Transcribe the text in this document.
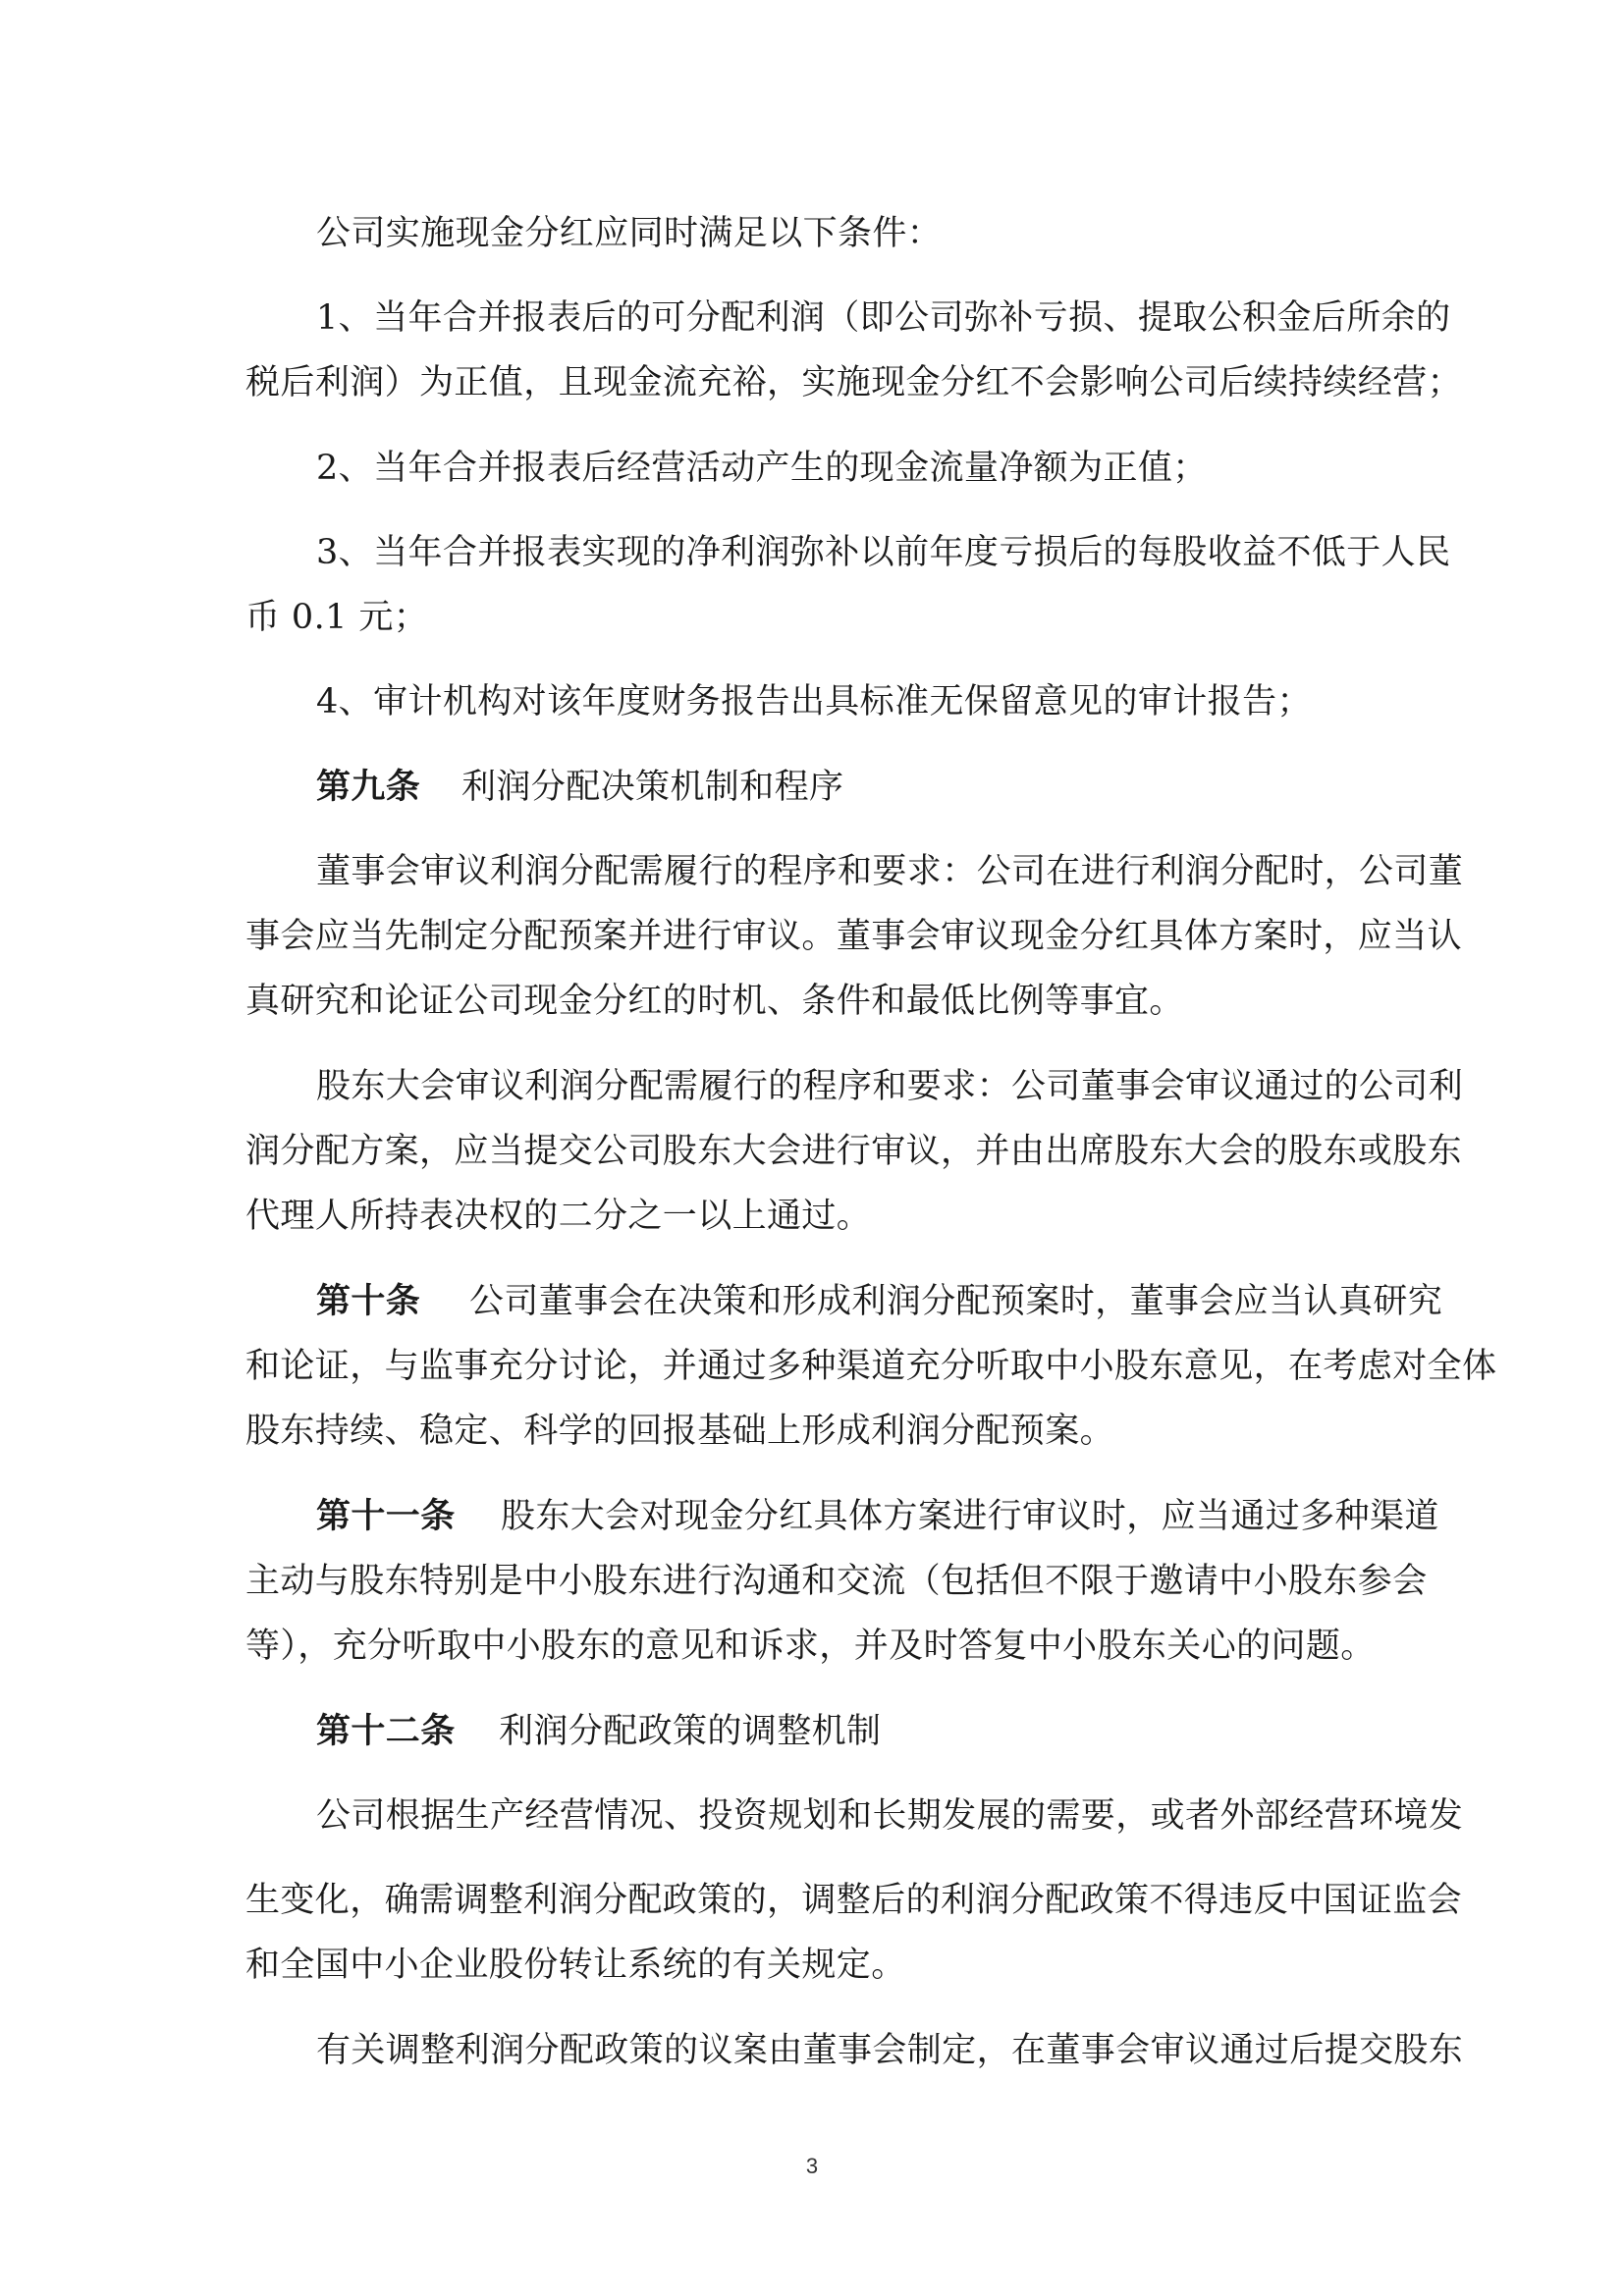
公司实施现金分红应同时满足以下条件：
1、当年合并报表后的可分配利润（即公司弥补亏损、提取公积金后所余的
税后利润）为正值，且现金流充裕，实施现金分红不会影响公司后续持续经营；
2、当年合并报表后经营活动产生的现金流量净额为正值；
3、当年合并报表实现的净利润弥补以前年度亏损后的每股收益不低于人民
币 0.1 元；
4、审计机构对该年度财务报告出具标准无保留意见的审计报告；
第九条 利润分配决策机制和程序
董事会审议利润分配需履行的程序和要求：公司在进行利润分配时，公司董
事会应当先制定分配预案并进行审议。董事会审议现金分红具体方案时，应当认
真研究和论证公司现金分红的时机、条件和最低比例等事宜。
股东大会审议利润分配需履行的程序和要求：公司董事会审议通过的公司利
润分配方案，应当提交公司股东大会进行审议，并由出席股东大会的股东或股东
代理人所持表决权的二分之一以上通过。
第十条 公司董事会在决策和形成利润分配预案时，董事会应当认真研究
和论证，与监事充分讨论，并通过多种渠道充分听取中小股东意见，在考虑对全体
股东持续、稳定、科学的回报基础上形成利润分配预案。
第十一条 股东大会对现金分红具体方案进行审议时，应当通过多种渠道
主动与股东特别是中小股东进行沟通和交流（包括但不限于邀请中小股东参会
等），充分听取中小股东的意见和诉求，并及时答复中小股东关心的问题。
第十二条 利润分配政策的调整机制
公司根据生产经营情况、投资规划和长期发展的需要，或者外部经营环境发
生变化，确需调整利润分配政策的，调整后的利润分配政策不得违反中国证监会
和全国中小企业股份转让系统的有关规定。
有关调整利润分配政策的议案由董事会制定，在董事会审议通过后提交股东
3
